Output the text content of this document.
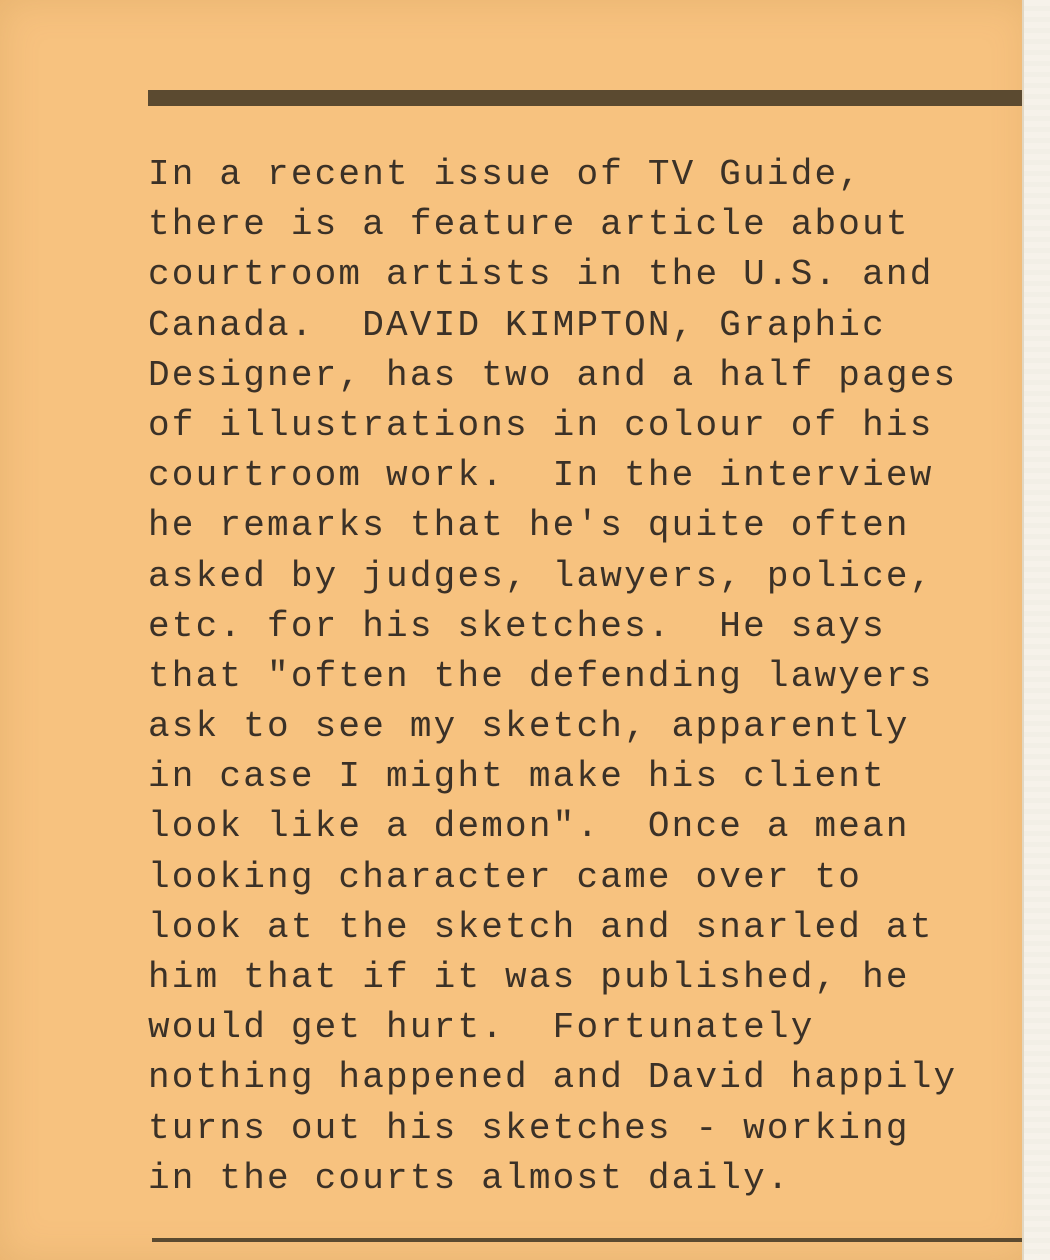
In a recent issue of TV Guide,
there is a feature article about
courtroom artists in the U.S. and
Canada.  DAVID KIMPTON, Graphic
Designer, has two and a half pages
of illustrations in colour of his
courtroom work.  In the interview
he remarks that he's quite often
asked by judges, lawyers, police,
etc. for his sketches.  He says
that "often the defending lawyers
ask to see my sketch, apparently
in case I might make his client
look like a demon".  Once a mean
looking character came over to
look at the sketch and snarled at
him that if it was published, he
would get hurt.  Fortunately
nothing happened and David happily
turns out his sketches - working
in the courts almost daily.
